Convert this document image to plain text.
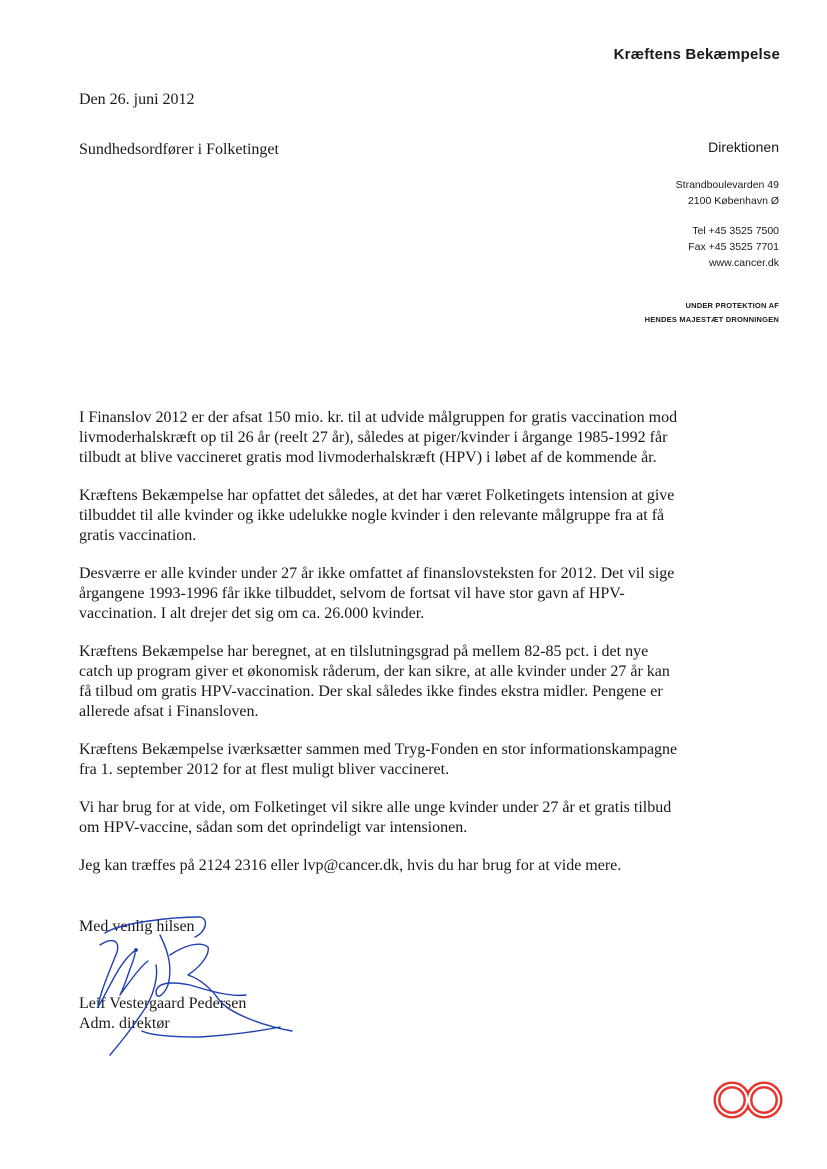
Kræftens Bekæmpelse
Den 26. juni 2012
Sundhedsordfører i Folketinget	Direktionen
Strandboulevarden 49
2100 København Ø
Tel +45 3525 7500
Fax +45 3525 7701
www.cancer.dk
UNDER PROTEKTION AF
HENDES MAJESTÆT DRONNINGEN

I Finanslov 2012 er der afsat 150 mio. kr. til at udvide målgruppen for gratis vaccination mod
livmoderhalskræft op til 26 år (reelt 27 år), således at piger/kvinder i årgange 1985-1992 får
tilbudt at blive vaccineret gratis mod livmoderhalskræft (HPV) i løbet af de kommende år.

Kræftens Bekæmpelse har opfattet det således, at det har været Folketingets intension at give
tilbuddet til alle kvinder og ikke udelukke nogle kvinder i den relevante målgruppe fra at få
gratis vaccination.

Desværre er alle kvinder under 27 år ikke omfattet af finanslovsteksten for 2012. Det vil sige
årgangene 1993-1996 får ikke tilbuddet, selvom de fortsat vil have stor gavn af HPV-
vaccination. I alt drejer det sig om ca. 26.000 kvinder.

Kræftens Bekæmpelse har beregnet, at en tilslutningsgrad på mellem 82-85 pct. i det nye
catch up program giver et økonomisk råderum, der kan sikre, at alle kvinder under 27 år kan
få tilbud om gratis HPV-vaccination. Der skal således ikke findes ekstra midler. Pengene er
allerede afsat i Finansloven.

Kræftens Bekæmpelse iværksætter sammen med Tryg-Fonden en stor informationskampagne
fra 1. september 2012 for at flest muligt bliver vaccineret.

Vi har brug for at vide, om Folketinget vil sikre alle unge kvinder under 27 år et gratis tilbud
om HPV-vaccine, sådan som det oprindeligt var intensionen.

Jeg kan træffes på 2124 2316 eller lvp@cancer.dk, hvis du har brug for at vide mere.

Med venlig hilsen
Leif Vestergaard Pedersen
Adm. direktør
